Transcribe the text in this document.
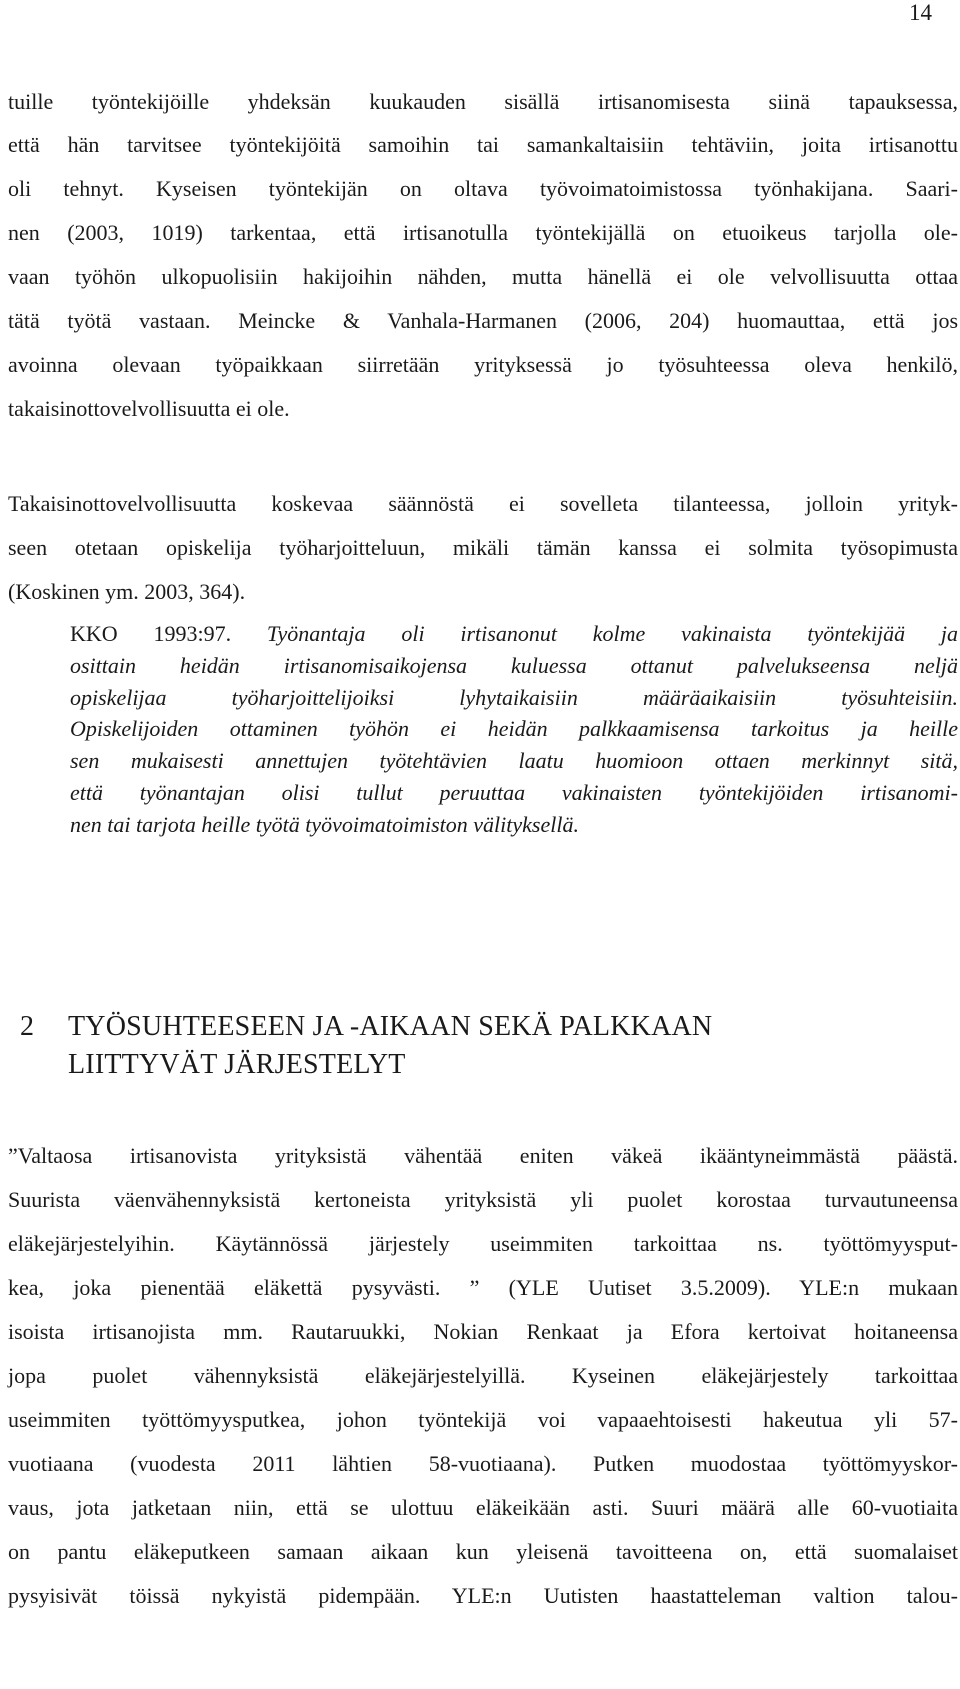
14
tuille työntekijöille yhdeksän kuukauden sisällä irtisanomisesta siinä tapauksessa,
että hän tarvitsee työntekijöitä samoihin tai samankaltaisiin tehtäviin, joita irtisanottu
oli tehnyt. Kyseisen työntekijän on oltava työvoimatoimistossa työnhakijana. Saari-
nen (2003, 1019) tarkentaa, että irtisanotulla työntekijällä on etuoikeus tarjolla ole-
vaan työhön ulkopuolisiin hakijoihin nähden, mutta hänellä ei ole velvollisuutta ottaa
tätä työtä vastaan. Meincke & Vanhala-Harmanen (2006, 204) huomauttaa, että jos
avoinna olevaan työpaikkaan siirretään yrityksessä jo työsuhteessa oleva henkilö,
takaisinottovelvollisuutta ei ole.
Takaisinottovelvollisuutta koskevaa säännöstä ei sovelleta tilanteessa, jolloin yrityk-
seen otetaan opiskelija työharjoitteluun, mikäli tämän kanssa ei solmita työsopimusta
(Koskinen ym. 2003, 364).
KKO 1993:97. Työnantaja oli irtisanonut kolme vakinaista työntekijää ja
osittain heidän irtisanomisaikojensa kuluessa ottanut palvelukseensa neljä
opiskelijaa työharjoittelijoiksi lyhytaikaisiin määräaikaisiin työsuhteisiin.
Opiskelijoiden ottaminen työhön ei heidän palkkaamisensa tarkoitus ja heille
sen mukaisesti annettujen työtehtävien laatu huomioon ottaen merkinnyt sitä,
että työnantajan olisi tullut peruuttaa vakinaisten työntekijöiden irtisanomi-
nen tai tarjota heille työtä työvoimatoimiston välityksellä.
2 TYÖSUHTEESEEN JA -AIKAAN SEKÄ PALKKAAN
LIITTYVÄT JÄRJESTELYT
”Valtaosa irtisanovista yrityksistä vähentää eniten väkeä ikääntyneimmästä päästä.
Suurista väenvähennyksistä kertoneista yrityksistä yli puolet korostaa turvautuneensa
eläkejärjestelyihin. Käytännössä järjestely useimmiten tarkoittaa ns. työttömyysput-
kea, joka pienentää eläkettä pysyvästi. ” (YLE Uutiset 3.5.2009). YLE:n mukaan
isoista irtisanojista mm. Rautaruukki, Nokian Renkaat ja Efora kertoivat hoitaneensa
jopa puolet vähennyksistä eläkejärjestelyillä. Kyseinen eläkejärjestely tarkoittaa
useimmiten työttömyysputkea, johon työntekijä voi vapaaehtoisesti hakeutua yli 57-
vuotiaana (vuodesta 2011 lähtien 58-vuotiaana). Putken muodostaa työttömyyskor-
vaus, jota jatketaan niin, että se ulottuu eläkeikään asti. Suuri määrä alle 60-vuotiaita
on pantu eläkeputkeen samaan aikaan kun yleisenä tavoitteena on, että suomalaiset
pysyisivät töissä nykyistä pidempään. YLE:n Uutisten haastatteleman valtion talou-
